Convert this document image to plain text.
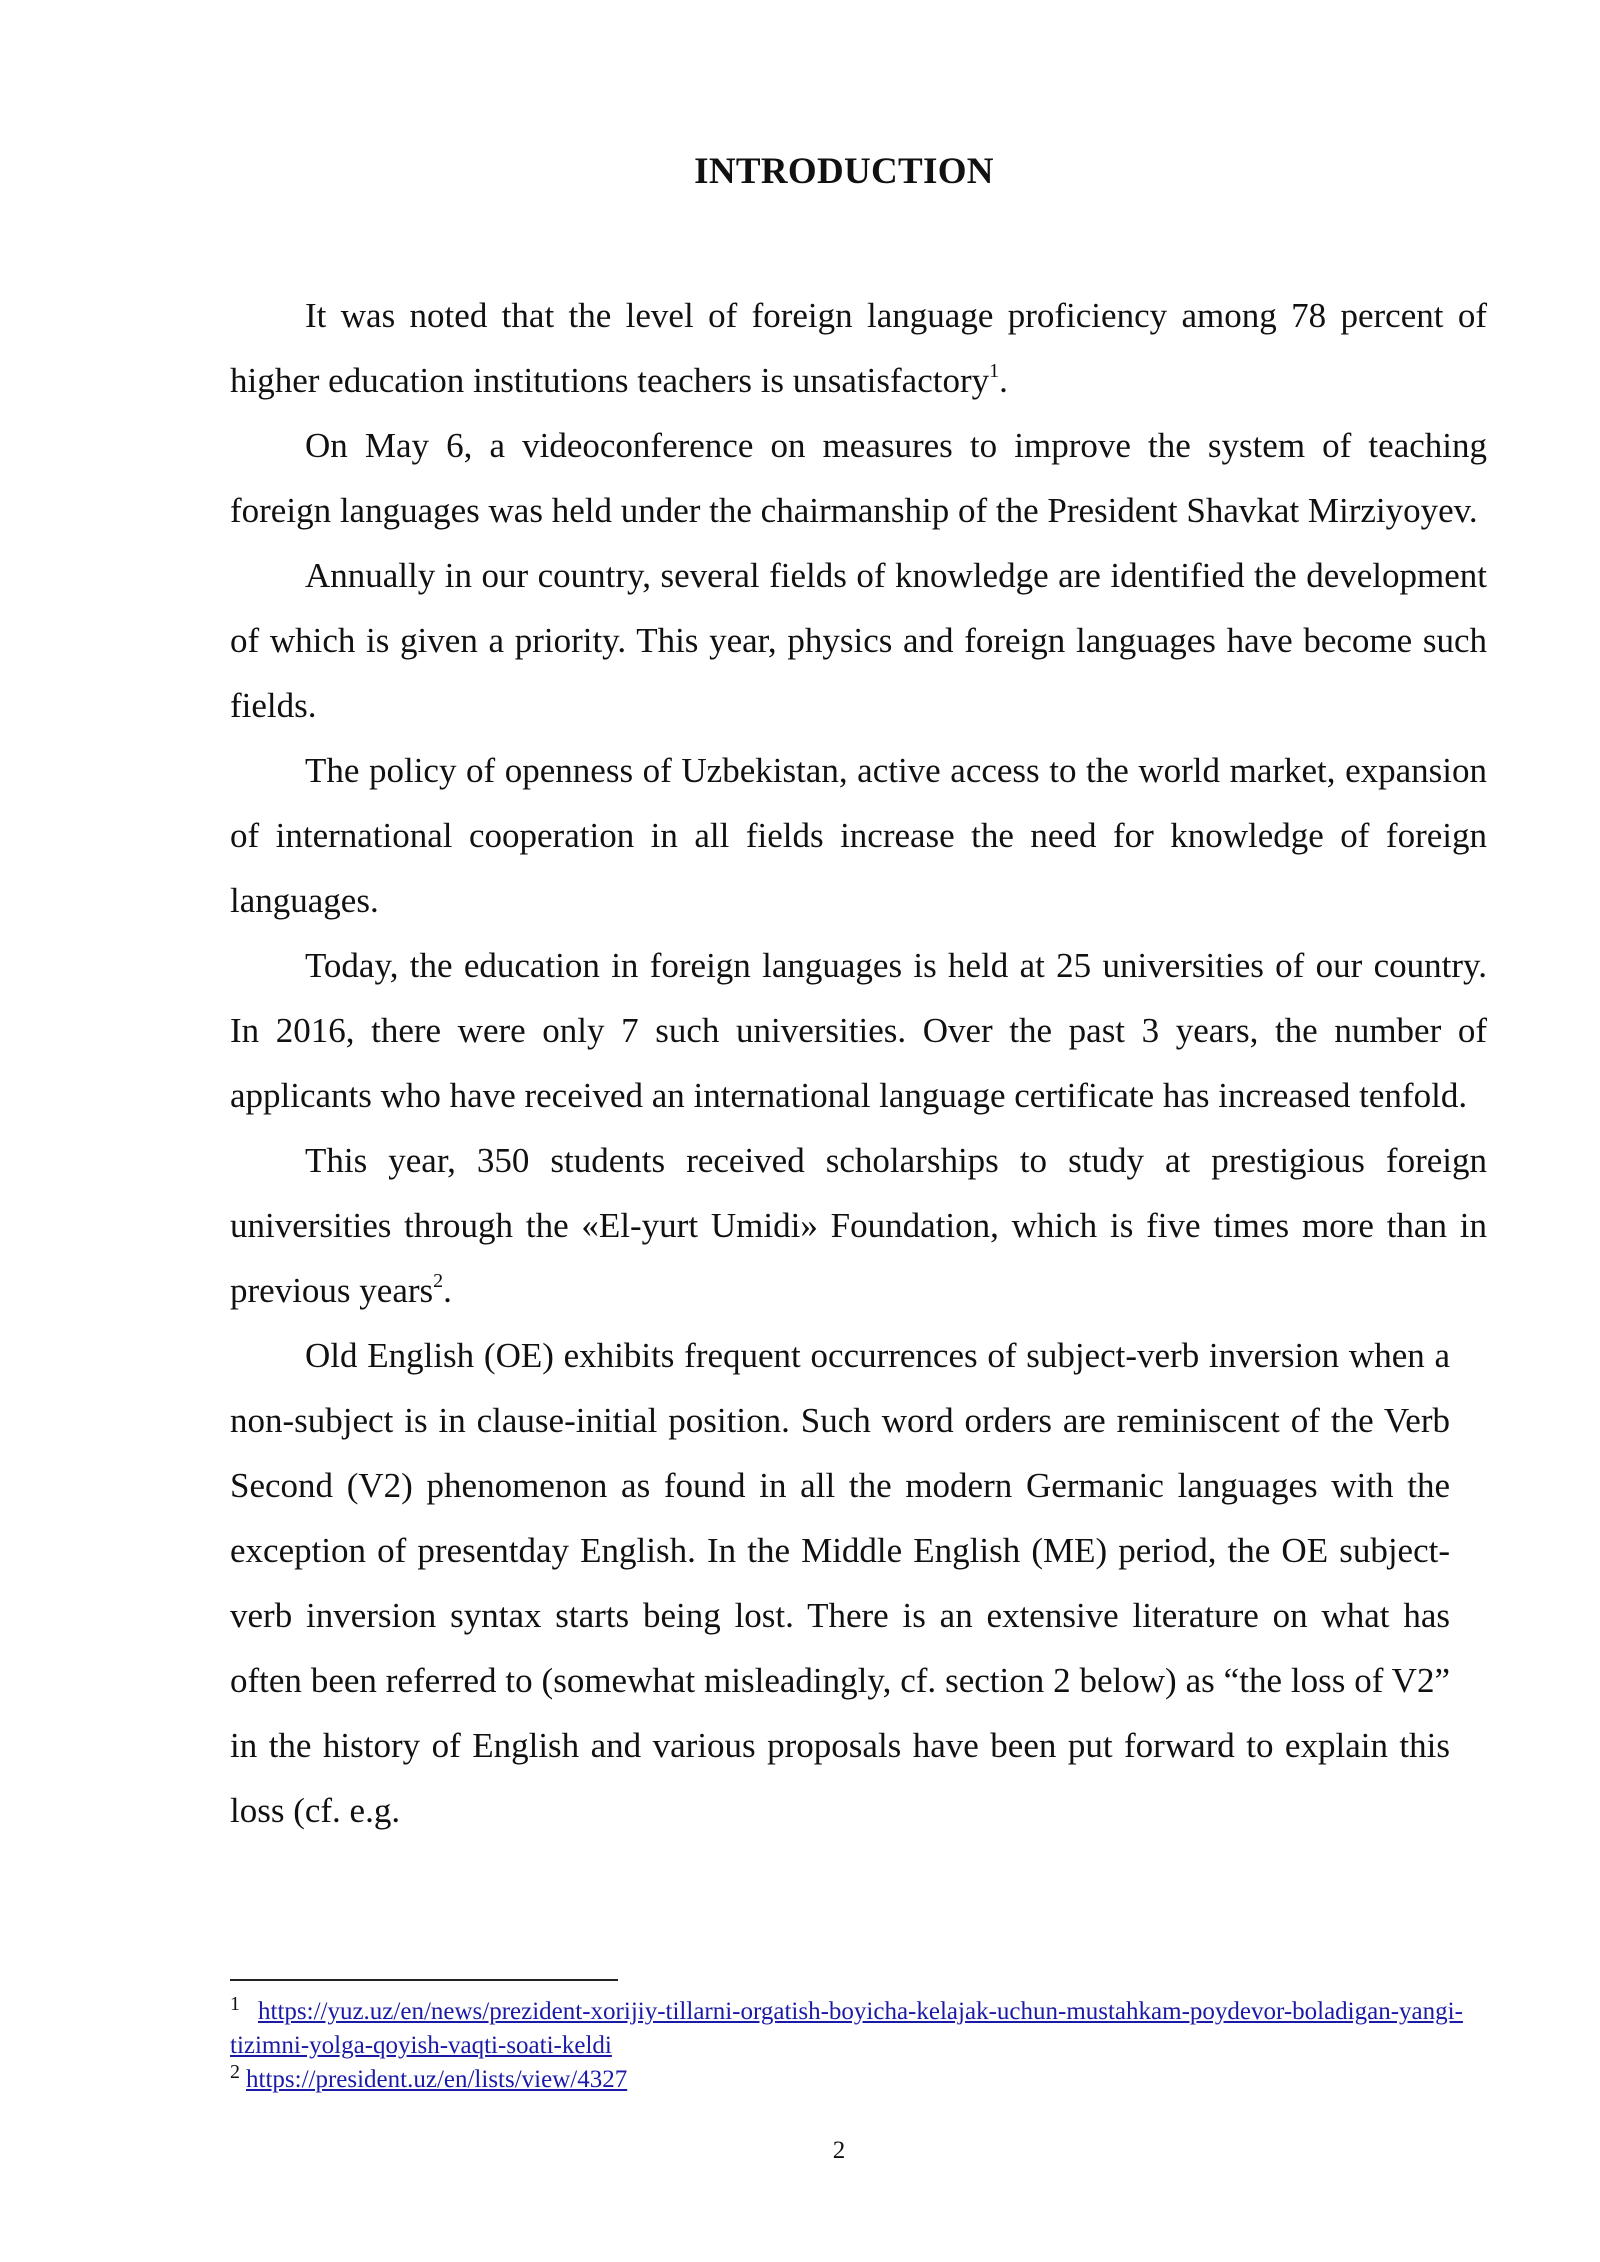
INTRODUCTION

It was noted that the level of foreign language proficiency among 78 percent of higher education institutions teachers is unsatisfactory$^1$.

On May 6, a videoconference on measures to improve the system of teaching foreign languages was held under the chairmanship of the President Shavkat Mirziyoyev.

Annually in our country, several fields of knowledge are identified the development of which is given a priority. This year, physics and foreign languages have become such fields.

The policy of openness of Uzbekistan, active access to the world market, expansion of international cooperation in all fields increase the need for knowledge of foreign languages.

Today, the education in foreign languages is held at 25 universities of our country. In 2016, there were only 7 such universities. Over the past 3 years, the number of applicants who have received an international language certificate has increased tenfold.

This year, 350 students received scholarships to study at prestigious foreign universities through the «El-yurt Umidi» Foundation, which is five times more than in previous years$^2$.

Old English (OE) exhibits frequent occurrences of subject-verb inversion when a non-subject is in clause-initial position. Such word orders are reminiscent of the Verb Second (V2) phenomenon as found in all the modern Germanic languages with the exception of presentday English. In the Middle English (ME) period, the OE subject-verb inversion syntax starts being lost. There is an extensive literature on what has often been referred to (somewhat misleadingly, cf. section 2 below) as “the loss of V2” in the history of English and various proposals have been put forward to explain this loss (cf. e.g.

$^1$ https://yuz.uz/en/news/prezident-xorijiy-tillarni-orgatish-boyicha-kelajak-uchun-mustahkam-poydevor-boladigan-yangi-tizimni-yolga-qoyish-vaqti-soati-keldi

$^2$ https://president.uz/en/lists/view/4327

2
